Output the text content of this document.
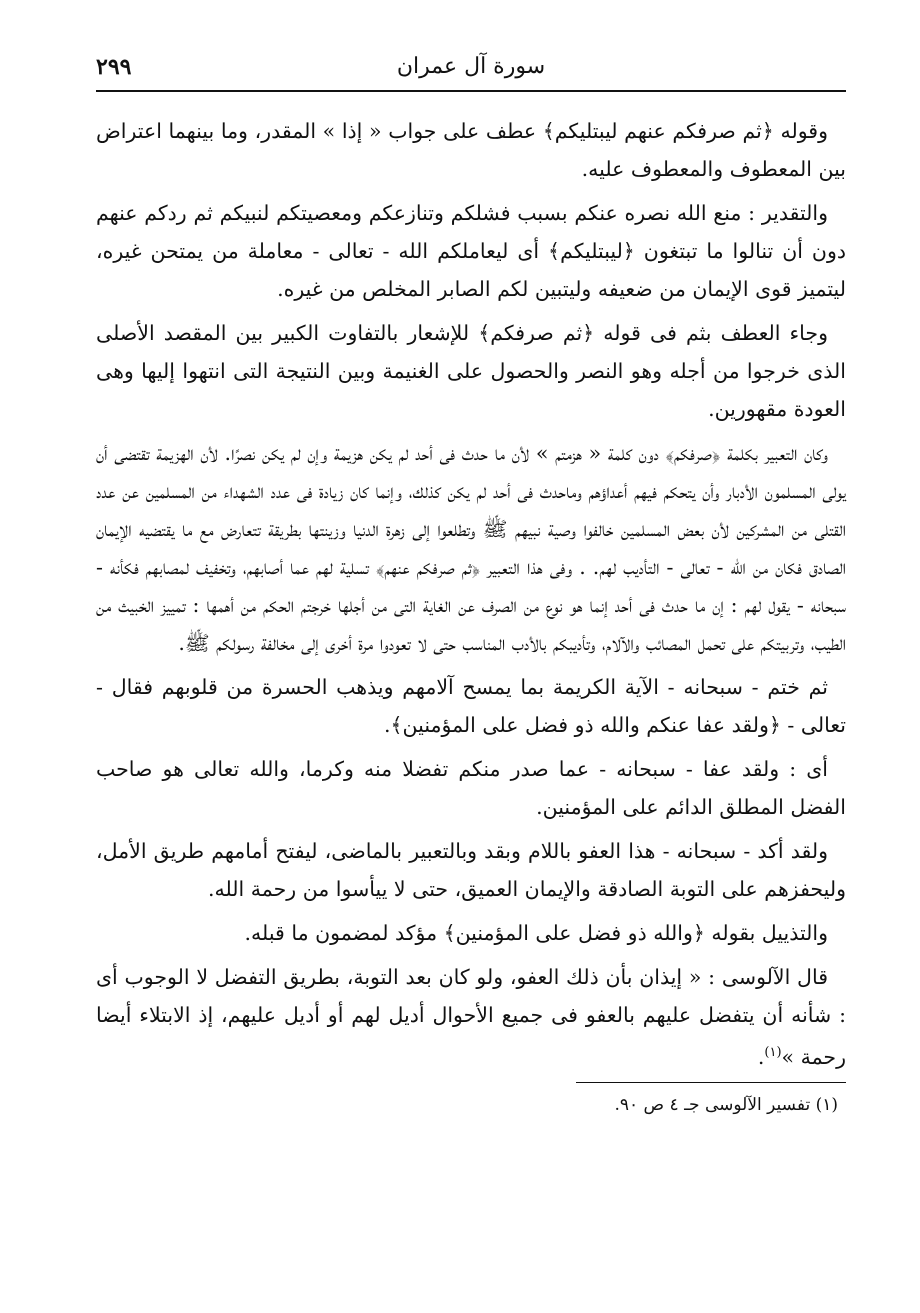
سورة آل عمران
٢٩٩

وقوله ﴿ثم صرفكم عنهم ليبتليكم﴾ عطف على جواب « إذا » المقدر، وما بينهما اعتراض بين المعطوف والمعطوف عليه.

والتقدير : منع الله نصره عنكم بسبب فشلكم وتنازعكم ومعصيتكم لنبيكم ثم ردكم عنهم دون أن تنالوا ما تبتغون ﴿ليبتليكم﴾ أى ليعاملكم الله - تعالى - معاملة من يمتحن غيره، ليتميز قوى الإيمان من ضعيفه وليتبين لكم الصابر المخلص من غيره.

وجاء العطف بثم فى قوله ﴿ثم صرفكم﴾ للإشعار بالتفاوت الكبير بين المقصد الأصلى الذى خرجوا من أجله وهو النصر والحصول على الغنيمة وبين النتيجة التى انتهوا إليها وهى العودة مقهورين.

وكان التعبير بكلمة ﴿صرفكم﴾ دون كلمة « هزمتم » لأن ما حدث فى أحد لم يكن هزيمة وإن لم يكن نصرًا. لأن الهزيمة تقتضى أن يولى المسلمون الأدبار وأن يتحكم فيهم أعداؤهم وماحدث فى أحد لم يكن كذلك، وإنما كان زيادة فى عدد الشهداء من المسلمين عن عدد القتلى من المشركين لأن بعض المسلمين خالفوا وصية نبيهم ﷺ وتطلعوا إلى زهرة الدنيا وزينتها بطريقة تتعارض مع ما يقتضيه الإيمان الصادق فكان من الله - تعالى - التأديب لهم. . وفى هذا التعبير ﴿ثم صرفكم عنهم﴾ تسلية لهم عما أصابهم، وتخفيف لمصابهم فكأنه - سبحانه - يقول لهم : إن ما حدث فى أحد إنما هو نوع من الصرف عن الغاية التى من أجلها خرجتم الحكم من أهمها : تمييز الخبيث من الطيب، وتربيتكم على تحمل المصائب والآلام، وتأديبكم بالأدب المناسب حتى لا تعودوا مرة أخرى إلى مخالفة رسولكم ﷺ.

ثم ختم - سبحانه - الآية الكريمة بما يمسح آلامهم ويذهب الحسرة من قلوبهم فقال - تعالى - ﴿ولقد عفا عنكم والله ذو فضل على المؤمنين﴾.

أى : ولقد عفا - سبحانه - عما صدر منكم تفضلا منه وكرما، والله تعالى هو صاحب الفضل المطلق الدائم على المؤمنين.

ولقد أكد - سبحانه - هذا العفو باللام وبقد وبالتعبير بالماضى، ليفتح أمامهم طريق الأمل، وليحفزهم على التوبة الصادقة والإيمان العميق، حتى لا ييأسوا من رحمة الله.

والتذييل بقوله ﴿والله ذو فضل على المؤمنين﴾ مؤكد لمضمون ما قبله.

قال الآلوسى : « إيذان بأن ذلك العفو، ولو كان بعد التوبة، بطريق التفضل لا الوجوب أى : شأنه أن يتفضل عليهم بالعفو فى جميع الأحوال أديل لهم أو أديل عليهم، إذ الابتلاء أيضا رحمة »$^{(١)}$.

(١) تفسير الآلوسى جـ ٤ ص ٩٠.
